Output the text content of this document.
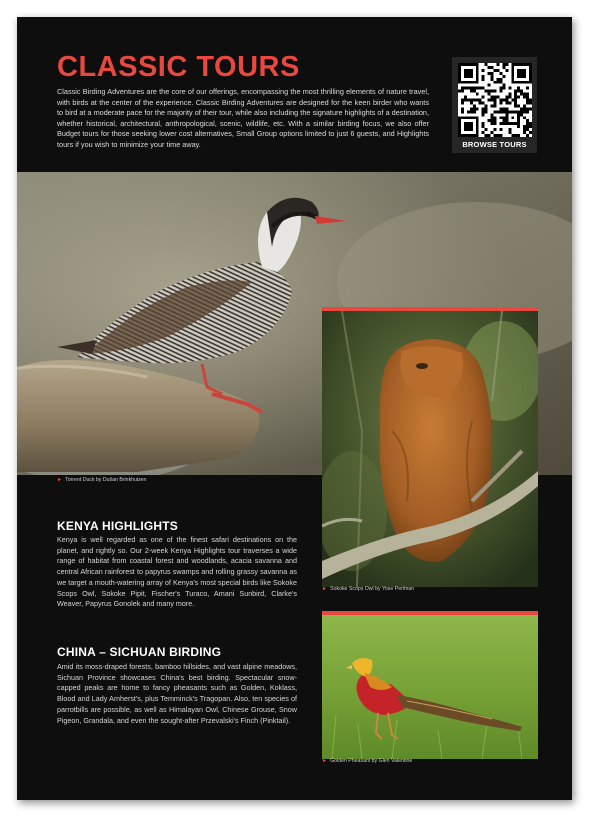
CLASSIC TOURS

Classic Birding Adventures are the core of our offerings, encompassing the most thrilling elements of nature travel, with birds at the center of the experience. Classic Birding Adventures are designed for the keen birder who wants to bird at a moderate pace for the majority of their tour, while also including the signature highlights of a destination, whether historical, architectural, anthropological, scenic, wildlife, etc. With a similar birding focus, we also offer Budget tours for those seeking lower cost alternatives, Small Group options limited to just 6 guests, and Highlights tours if you wish to minimize your time away.	BROWSE TOURS

► Torrent Duck by Dušan Brinkhuizen

► Sokoke Scops Owl by Yoav Perlman

► Golden Pheasant by Glen Valentine

KENYA HIGHLIGHTS

Kenya is well regarded as one of the finest safari destinations on the planet, and rightly so. Our 2-week Kenya Highlights tour traverses a wide range of habitat from coastal forest and woodlands, acacia savanna and central African rainforest to papyrus swamps and rolling grassy savanna as we target a mouth-watering array of Kenya's most special birds like Sokoke Scops Owl, Sokoke Pipit, Fischer's Turaco, Amani Sunbird, Clarke's Weaver, Papyrus Gonolek and many more.

CHINA – SICHUAN BIRDING

Amid its moss-draped forests, bamboo hillsides, and vast alpine meadows, Sichuan Province showcases China's best birding. Spectacular snow-capped peaks are home to fancy pheasants such as Golden, Koklass, Blood and Lady Amherst's, plus Temminck's Tragopan. Also, ten species of parrotbills are possible, as well as Himalayan Owl, Chinese Grouse, Snow Pigeon, Grandala, and even the sought-after Przevalski's Finch (Pinktail).
